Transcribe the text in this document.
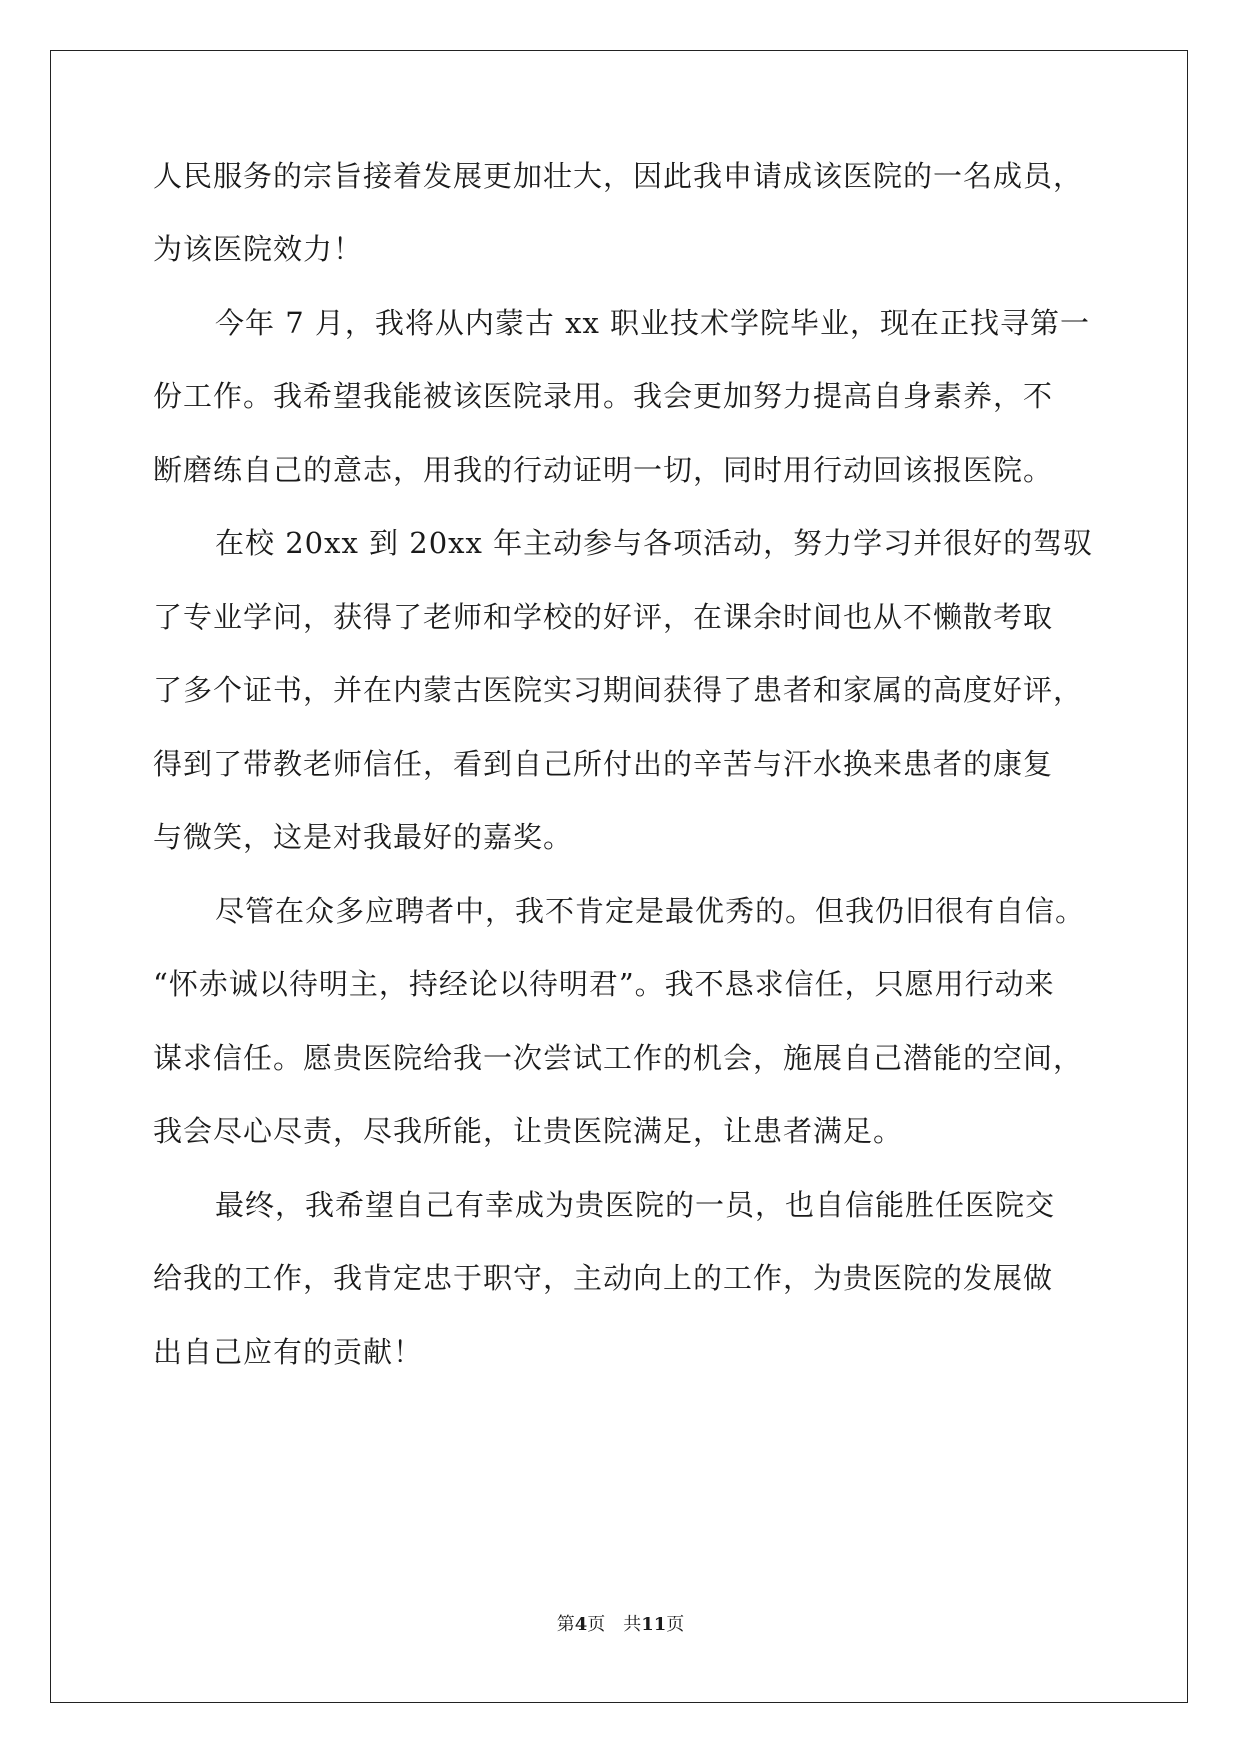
人民服务的宗旨接着发展更加壮大，因此我申请成该医院的一名成员，
为该医院效力！
今年 7 月，我将从内蒙古 xx 职业技术学院毕业，现在正找寻第一
份工作。我希望我能被该医院录用。我会更加努力提高自身素养，不
断磨练自己的意志，用我的行动证明一切，同时用行动回该报医院。
在校 20xx 到 20xx 年主动参与各项活动，努力学习并很好的驾驭
了专业学问，获得了老师和学校的好评，在课余时间也从不懒散考取
了多个证书，并在内蒙古医院实习期间获得了患者和家属的高度好评，
得到了带教老师信任，看到自己所付出的辛苦与汗水换来患者的康复
与微笑，这是对我最好的嘉奖。
尽管在众多应聘者中，我不肯定是最优秀的。但我仍旧很有自信。
“怀赤诚以待明主，持经论以待明君”。我不恳求信任，只愿用行动来
谋求信任。愿贵医院给我一次尝试工作的机会，施展自己潜能的空间，
我会尽心尽责，尽我所能，让贵医院满足，让患者满足。
最终，我希望自己有幸成为贵医院的一员，也自信能胜任医院交
给我的工作，我肯定忠于职守，主动向上的工作，为贵医院的发展做
出自己应有的贡献！
第4页 共11页
